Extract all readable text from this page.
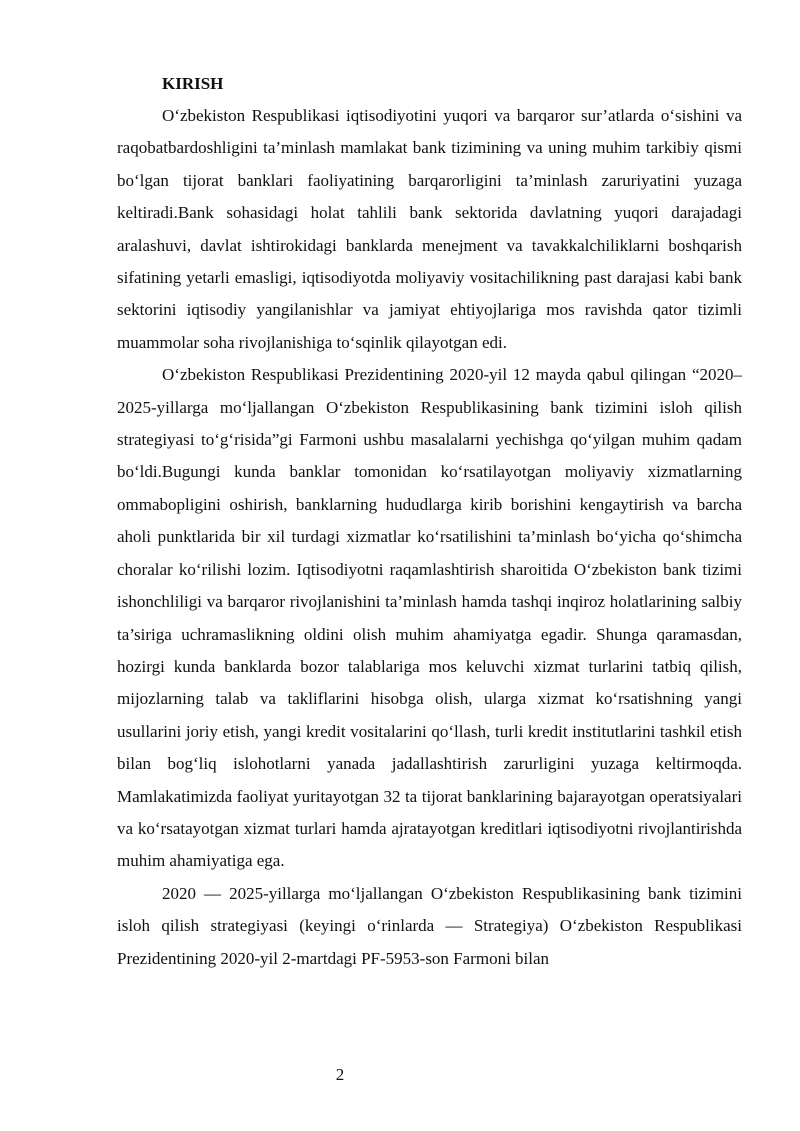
KIRISH

O‘zbekiston Respublikasi iqtisodiyotini yuqori va barqaror sur’atlarda o‘sishini va raqobatbardoshligini ta’minlash mamlakat bank tizimining va uning muhim tarkibiy qismi bo‘lgan tijorat banklari faoliyatining barqarorligini ta’minlash zaruriyatini yuzaga keltiradi.Bank sohasidagi holat tahlili bank sektorida davlatning yuqori darajadagi aralashuvi, davlat ishtirokidagi banklarda menejment va tavakkalchiliklarni boshqarish sifatining yetarli emasligi, iqtisodiyotda moliyaviy vositachilikning past darajasi kabi bank sektorini iqtisodiy yangilanishlar va jamiyat ehtiyojlariga mos ravishda qator tizimli muammolar soha rivojlanishiga to‘sqinlik qilayotgan edi.

O‘zbekiston Respublikasi Prezidentining 2020-yil 12 mayda qabul qilingan “2020–2025-yillarga mo‘ljallangan O‘zbekiston Respublikasining bank tizimini isloh qilish strategiyasi to‘g‘risida”gi Farmoni ushbu masalalarni yechishga qo‘yilgan muhim qadam bo‘ldi.Bugungi kunda banklar tomonidan ko‘rsatilayotgan moliyaviy xizmatlarning ommabopligini oshirish, banklarning hududlarga kirib borishini kengaytirish va barcha aholi punktlarida bir xil turdagi xizmatlar ko‘rsatilishini ta’minlash bo‘yicha qo‘shimcha choralar ko‘rilishi lozim. Iqtisodiyotni raqamlashtirish sharoitida O‘zbekiston bank tizimi ishonchliligi va barqaror rivojlanishini ta’minlash hamda tashqi inqiroz holatlarining salbiy ta’siriga uchramaslikning oldini olish muhim ahamiyatga egadir. Shunga qaramasdan, hozirgi kunda banklarda bozor talablariga mos keluvchi xizmat turlarini tatbiq qilish, mijozlarning talab va takliflarini hisobga olish, ularga xizmat ko‘rsatishning yangi usullarini joriy etish, yangi kredit vositalarini qo‘llash, turli kredit institutlarini tashkil etish bilan bog‘liq islohotlarni yanada jadallashtirish zarurligini yuzaga keltirmoqda. Mamlakatimizda faoliyat yuritayotgan 32 ta tijorat banklarining bajarayotgan operatsiyalari va ko‘rsatayotgan xizmat turlari hamda ajratayotgan kreditlari iqtisodiyotni rivojlantirishda muhim ahamiyatiga ega.

2020 — 2025-yillarga mo‘ljallangan O‘zbekiston Respublikasining bank tizimini isloh qilish strategiyasi (keyingi o‘rinlarda — Strategiya) O‘zbekiston Respublikasi Prezidentining 2020-yil 2-martdagi PF-5953-son Farmoni bilan

2
